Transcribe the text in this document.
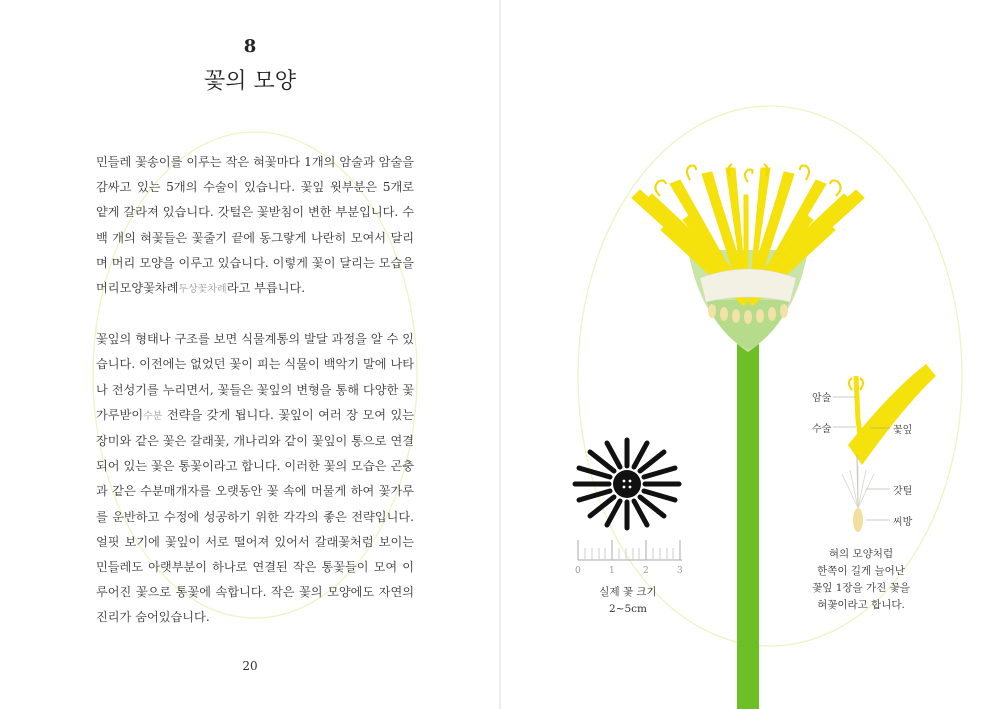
8
꽃의 모양

민들레 꽃송이를 이루는 작은 혀꽃마다 1개의 암술과 암술을 감싸고 있는 5개의 수술이 있습니다. 꽃잎 윗부분은 5개로 얕게 갈라져 있습니다. 갓털은 꽃받침이 변한 부분입니다. 수백 개의 혀꽃들은 꽃줄기 끝에 동그랗게 나란히 모여서 달리며 머리 모양을 이루고 있습니다. 이렇게 꽃이 달리는 모습을 머리모양꽃차례두상꽃차례라고 부릅니다.

꽃잎의 형태나 구조를 보면 식물계통의 발달 과정을 알 수 있습니다. 이전에는 없었던 꽃이 피는 식물이 백악기 말에 나타나 전성기를 누리면서, 꽃들은 꽃잎의 변형을 통해 다양한 꽃가루받이수분 전략을 갖게 됩니다. 꽃잎이 여러 장 모여 있는 장미와 같은 꽃은 갈래꽃, 개나리와 같이 꽃잎이 통으로 연결되어 있는 꽃은 통꽃이라고 합니다. 이러한 꽃의 모습은 곤충과 같은 수분매개자를 오랫동안 꽃 속에 머물게 하여 꽃가루를 운반하고 수정에 성공하기 위한 각각의 좋은 전략입니다. 얼핏 보기에 꽃잎이 서로 떨어져 있어서 갈래꽃처럼 보이는 민들레도 아랫부분이 하나로 연결된 작은 통꽃들이 모여 이루어진 꽃으로 통꽃에 속합니다. 작은 꽃의 모양에도 자연의 진리가 숨어있습니다.

20
암술
수술	꽃잎
갓털
씨방
0	1	2	3
실제 꽃 크기
2~5cm
혀의 모양처럼
한쪽이 길게 늘어난
꽃잎 1장을 가진 꽃을
혀꽃이라고 합니다.
